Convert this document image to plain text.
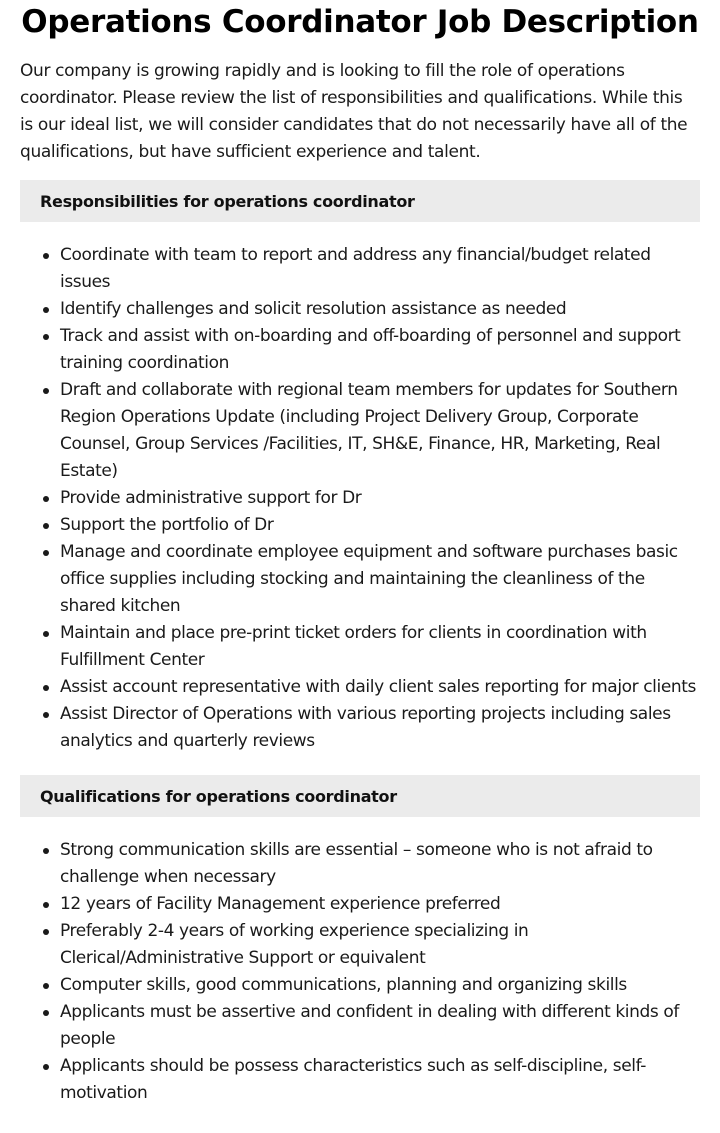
Operations Coordinator Job Description

Our company is growing rapidly and is looking to fill the role of operations coordinator. Please review the list of responsibilities and qualifications. While this is our ideal list, we will consider candidates that do not necessarily have all of the qualifications, but have sufficient experience and talent.

Responsibilities for operations coordinator
Coordinate with team to report and address any financial/budget related issues
Identify challenges and solicit resolution assistance as needed
Track and assist with on-boarding and off-boarding of personnel and support training coordination
Draft and collaborate with regional team members for updates for Southern Region Operations Update (including Project Delivery Group, Corporate Counsel, Group Services /Facilities, IT, SH&E, Finance, HR, Marketing, Real Estate)
Provide administrative support for Dr
Support the portfolio of Dr
Manage and coordinate employee equipment and software purchases basic office supplies including stocking and maintaining the cleanliness of the shared kitchen
Maintain and place pre-print ticket orders for clients in coordination with Fulfillment Center
Assist account representative with daily client sales reporting for major clients
Assist Director of Operations with various reporting projects including sales analytics and quarterly reviews
Qualifications for operations coordinator
Strong communication skills are essential – someone who is not afraid to challenge when necessary
12 years of Facility Management experience preferred
Preferably 2-4 years of working experience specializing in Clerical/Administrative Support or equivalent
Computer skills, good communications, planning and organizing skills
Applicants must be assertive and confident in dealing with different kinds of people
Applicants should be possess characteristics such as self-discipline, self-motivation
